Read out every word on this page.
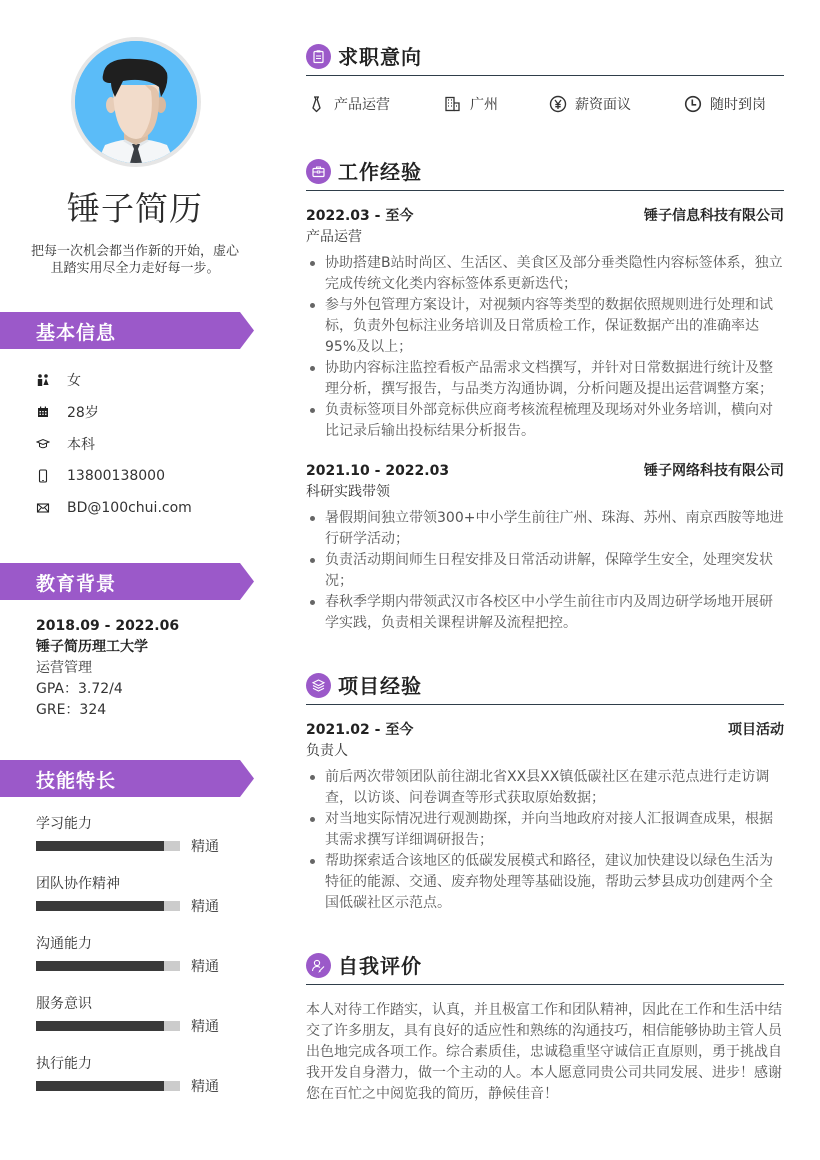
锤子简历
把每一次机会都当作新的开始，虚心且踏实用尽全力走好每一步。
基本信息
女
28岁
本科
13800138000
BD@100chui.com
教育背景
2018.09 - 2022.06
锤子简历理工大学
运营管理
GPA：3.72/4
GRE：324
技能特长
学习能力
精通
团队协作精神
精通
沟通能力
精通
服务意识
精通
执行能力
精通
求职意向
产品运营	广州	薪资面议	随时到岗
工作经验
2022.03 - 至今	锤子信息科技有限公司
产品运营
协助搭建B站时尚区、生活区、美食区及部分垂类隐性内容标签体系，独立完成传统文化类内容标签体系更新迭代；
参与外包管理方案设计，对视频内容等类型的数据依照规则进行处理和试标，负责外包标注业务培训及日常质检工作，保证数据产出的准确率达95%及以上；
协助内容标注监控看板产品需求文档撰写，并针对日常数据进行统计及整理分析，撰写报告，与品类方沟通协调，分析问题及提出运营调整方案；
负责标签项目外部竞标供应商考核流程梳理及现场对外业务培训，横向对比记录后输出投标结果分析报告。
2021.10 - 2022.03	锤子网络科技有限公司
科研实践带领
暑假期间独立带领300+中小学生前往广州、珠海、苏州、南京西胺等地进行研学活动；
负责活动期间师生日程安排及日常活动讲解，保障学生安全，处理突发状况；
春秋季学期内带领武汉市各校区中小学生前往市内及周边研学场地开展研学实践，负责相关课程讲解及流程把控。
项目经验
2021.02 - 至今	项目活动
负责人
前后两次带领团队前往湖北省XX县XX镇低碳社区在建示范点进行走访调查，以访谈、问卷调查等形式获取原始数据；
对当地实际情况进行观测勘探，并向当地政府对接人汇报调查成果，根据其需求撰写详细调研报告；
帮助探索适合该地区的低碳发展模式和路径，建议加快建设以绿色生活为特征的能源、交通、废弃物处理等基础设施，帮助云梦县成功创建两个全国低碳社区示范点。
自我评价
本人对待工作踏实，认真，并且极富工作和团队精神，因此在工作和生活中结交了许多朋友，具有良好的适应性和熟练的沟通技巧，相信能够协助主管人员出色地完成各项工作。综合素质佳，忠诚稳重坚守诚信正直原则，勇于挑战自我开发自身潜力，做一个主动的人。本人愿意同贵公司共同发展、进步！感谢您在百忙之中阅览我的简历，静候佳音！
